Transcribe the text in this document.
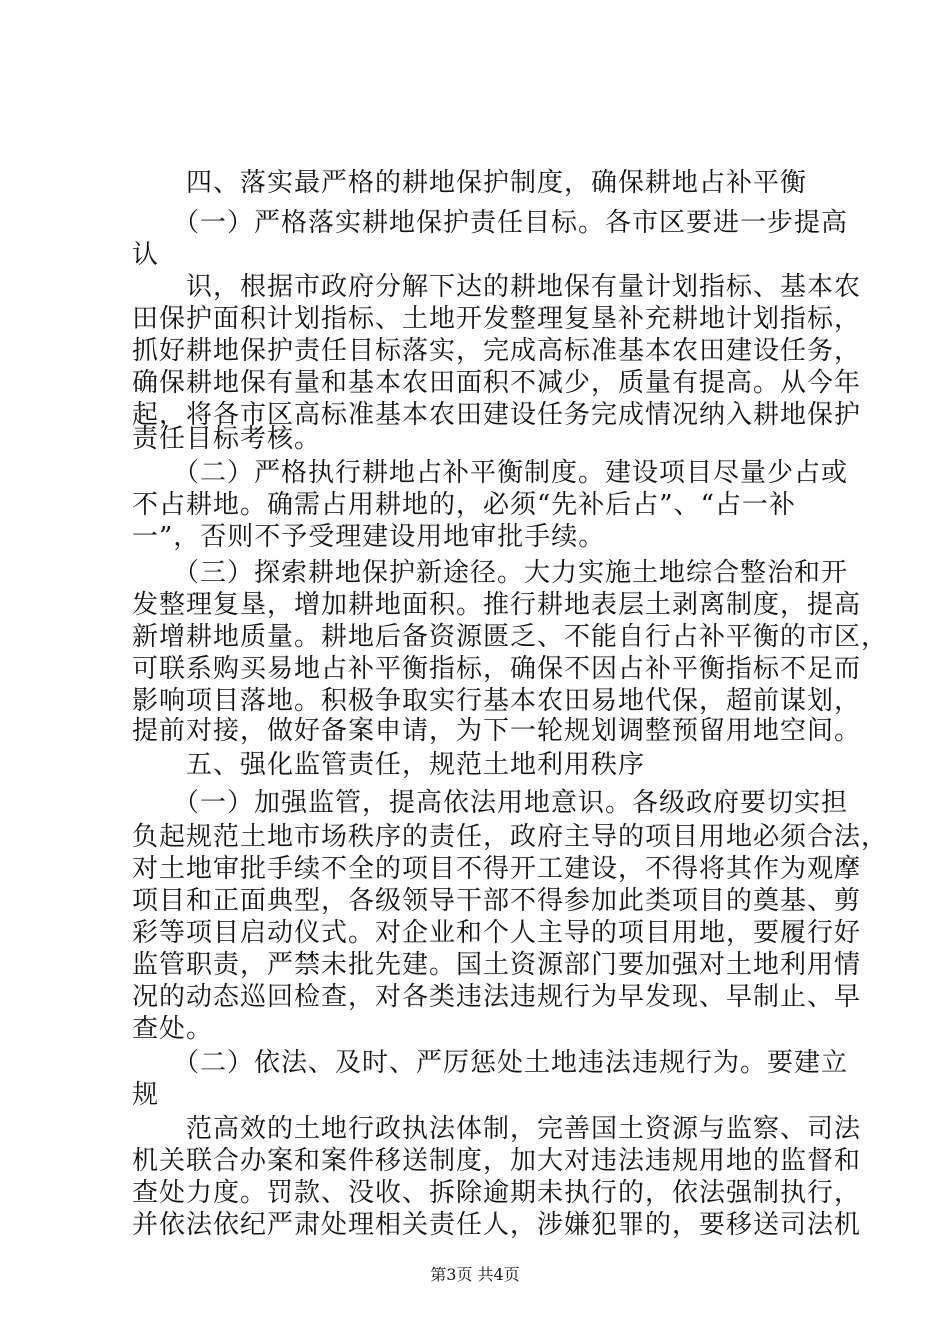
　　四、落实最严格的耕地保护制度，确保耕地占补平衡
　　（一）严格落实耕地保护责任目标。各市区要进一步提高
认
　　识，根据市政府分解下达的耕地保有量计划指标、基本农
田保护面积计划指标、土地开发整理复垦补充耕地计划指标，
抓好耕地保护责任目标落实，完成高标准基本农田建设任务，
确保耕地保有量和基本农田面积不减少，质量有提高。从今年
起，将各市区高标准基本农田建设任务完成情况纳入耕地保护
责任目标考核。
　　（二）严格执行耕地占补平衡制度。建设项目尽量少占或
不占耕地。确需占用耕地的，必须“先补后占”、“占一补
一”，否则不予受理建设用地审批手续。
　　（三）探索耕地保护新途径。大力实施土地综合整治和开
发整理复垦，增加耕地面积。推行耕地表层土剥离制度，提高
新增耕地质量。耕地后备资源匮乏、不能自行占补平衡的市区，
可联系购买易地占补平衡指标，确保不因占补平衡指标不足而
影响项目落地。积极争取实行基本农田易地代保，超前谋划，
提前对接，做好备案申请，为下一轮规划调整预留用地空间。
　　五、强化监管责任，规范土地利用秩序
　　（一）加强监管，提高依法用地意识。各级政府要切实担
负起规范土地市场秩序的责任，政府主导的项目用地必须合法，
对土地审批手续不全的项目不得开工建设，不得将其作为观摩
项目和正面典型，各级领导干部不得参加此类项目的奠基、剪
彩等项目启动仪式。对企业和个人主导的项目用地，要履行好
监管职责，严禁未批先建。国土资源部门要加强对土地利用情
况的动态巡回检查，对各类违法违规行为早发现、早制止、早
查处。
　　（二）依法、及时、严厉惩处土地违法违规行为。要建立
规
　　范高效的土地行政执法体制，完善国土资源与监察、司法
机关联合办案和案件移送制度，加大对违法违规用地的监督和
查处力度。罚款、没收、拆除逾期未执行的，依法强制执行，
并依法依纪严肃处理相关责任人，涉嫌犯罪的，要移送司法机
第3页 共4页
